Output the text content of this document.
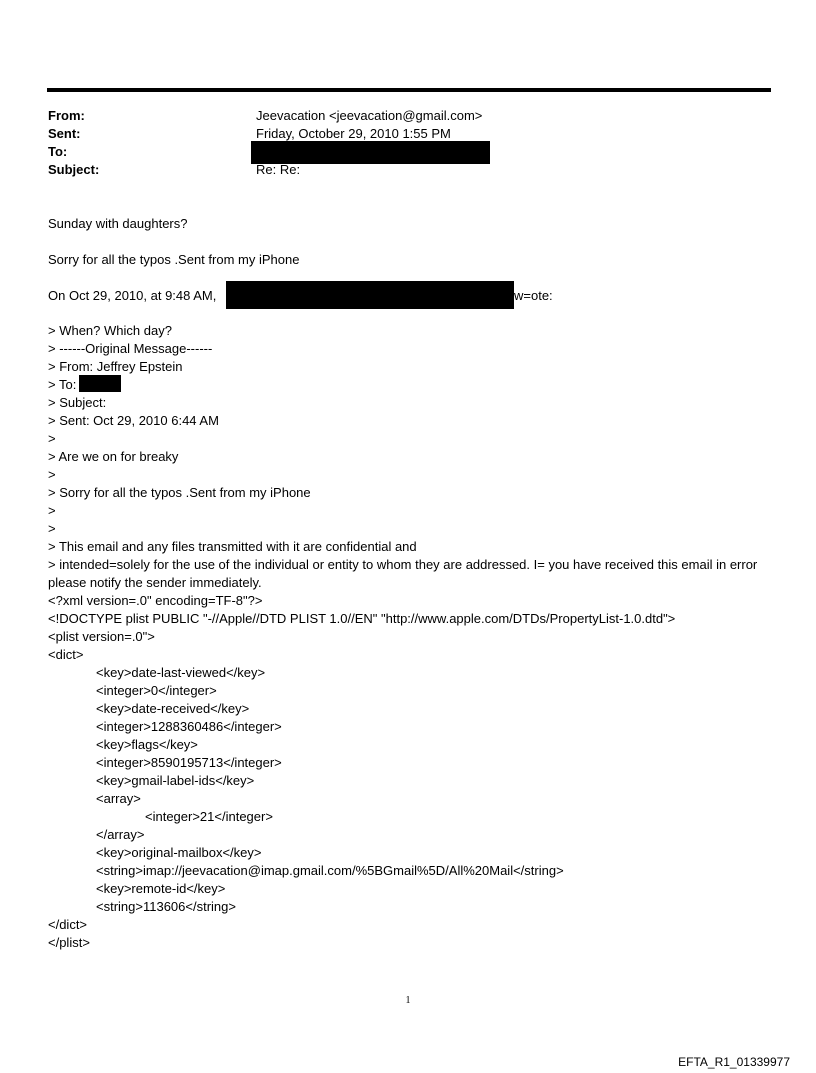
From:	Jeevacation <jeevacation@gmail.com>
Sent:	Friday, October 29, 2010 1:55 PM
To:
Subject:	Re: Re:
Sunday with daughters?
Sorry for all the typos .Sent from my iPhone
On Oct 29, 2010, at 9:48 AM,	w=ote:
> When? Which day?
> ------Original Message------
> From: Jeffrey Epstein
> To:
> Subject:
> Sent: Oct 29, 2010 6:44 AM
>
> Are we on for breaky
>
> Sorry for all the typos .Sent from my iPhone
>
>
> This email and any files transmitted with it are confidential and
> intended=solely for the use of the individual or entity to whom they are addressed. I= you have received this email in error please notify the sender immediately.
<?xml version=.0" encoding=TF-8"?>
<!DOCTYPE plist PUBLIC "-//Apple//DTD PLIST 1.0//EN" "http://www.apple.com/DTDs/PropertyList-1.0.dtd">
<plist version=.0">
<dict>
<key>date-last-viewed</key>
<integer>0</integer>
<key>date-received</key>
<integer>1288360486</integer>
<key>flags</key>
<integer>8590195713</integer>
<key>gmail-label-ids</key>
<array>
<integer>21</integer>
</array>
<key>original-mailbox</key>
<string>imap://jeevacation@imap.gmail.com/%5BGmail%5D/All%20Mail</string>
<key>remote-id</key>
<string>113606</string>
</dict>
</plist>
1
EFTA_R1_01339977
